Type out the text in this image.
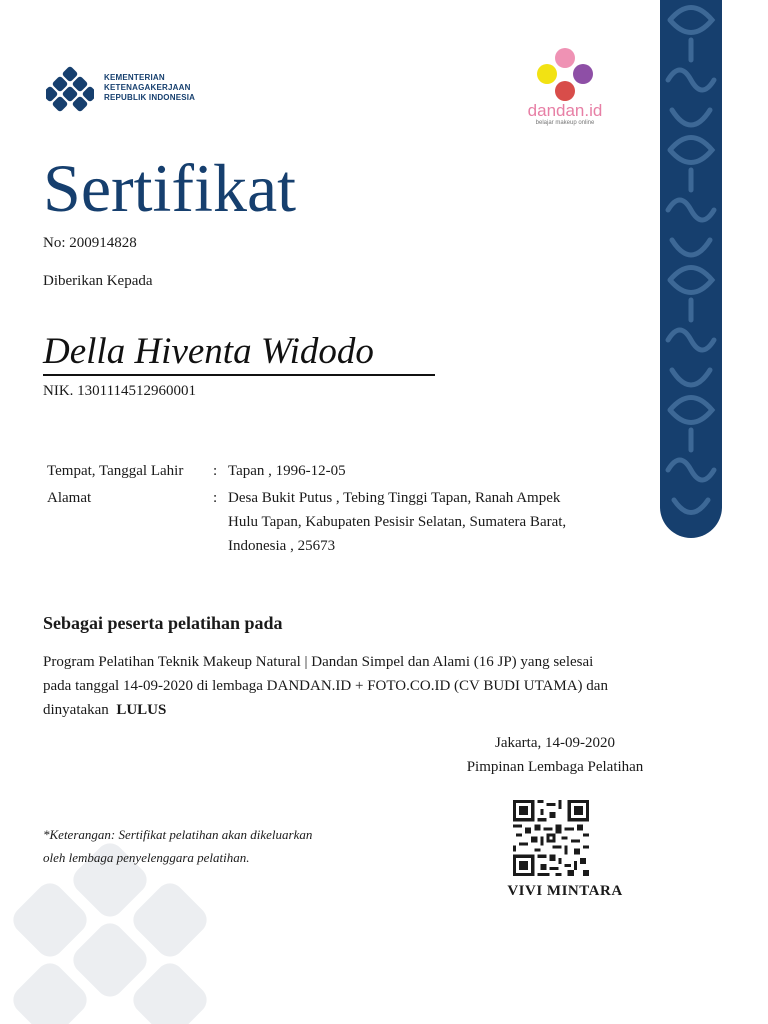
KEMENTERIAN
KETENAGAKERJAAN
REPUBLIK INDONESIA
dandan.id
belajar makeup online
Sertifikat
No: 200914828
Diberikan Kepada
Della Hiventa Widodo
NIK. 1301114512960001
Tempat, Tanggal Lahir : Tapan , 1996-12-05
Alamat	: Desa Bukit Putus , Tebing Tinggi Tapan, Ranah Ampek Hulu Tapan, Kabupaten Pesisir Selatan, Sumatera Barat, Indonesia , 25673
Sebagai peserta pelatihan pada
Program Pelatihan Teknik Makeup Natural | Dandan Simpel dan Alami (16 JP) yang selesai pada tanggal 14-09-2020 di lembaga DANDAN.ID + FOTO.CO.ID (CV BUDI UTAMA) dan dinyatakan LULUS
Jakarta, 14-09-2020
Pimpinan Lembaga Pelatihan
VIVI MINTARA
*Keterangan: Sertifikat pelatihan akan dikeluarkan
oleh lembaga penyelenggara pelatihan.
